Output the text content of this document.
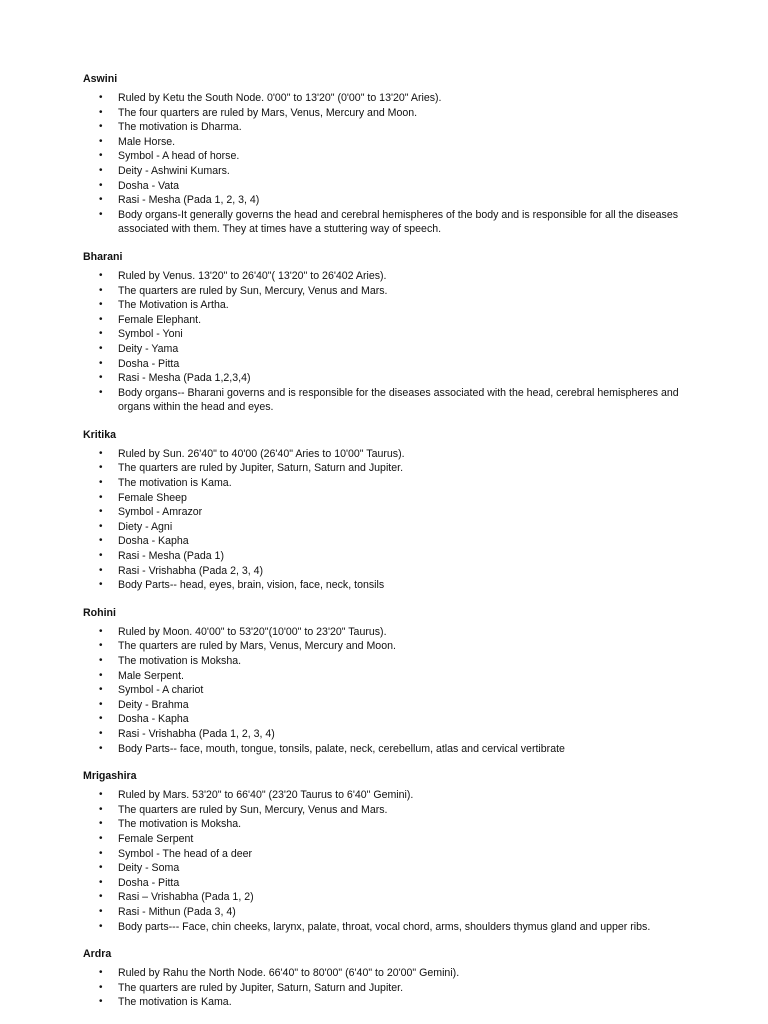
Aswini
• Ruled by Ketu the South Node. 0'00" to 13'20" (0'00" to 13'20" Aries).
• The four quarters are ruled by Mars, Venus, Mercury and Moon.
• The motivation is Dharma.
• Male Horse.
• Symbol - A head of horse.
• Deity - Ashwini Kumars.
• Dosha - Vata
• Rasi - Mesha (Pada 1, 2, 3, 4)
• Body organs-It generally governs the head and cerebral hemispheres of the body and is responsible for all the diseases associated with them. They at times have a stuttering way of speech.
Bharani
• Ruled by Venus. 13'20" to 26'40"( 13'20" to 26'402 Aries).
• The quarters are ruled by Sun, Mercury, Venus and Mars.
• The Motivation is Artha.
• Female Elephant.
• Symbol - Yoni
• Deity - Yama
• Dosha - Pitta
• Rasi - Mesha (Pada 1,2,3,4)
• Body organs-- Bharani governs and is responsible for the diseases associated with the head, cerebral hemispheres and organs within the head and eyes.
Kritika
• Ruled by Sun. 26'40" to 40'00 (26'40" Aries to 10'00" Taurus).
• The quarters are ruled by Jupiter, Saturn, Saturn and Jupiter.
• The motivation is Kama.
• Female Sheep
• Symbol - Amrazor
• Diety - Agni
• Dosha - Kapha
• Rasi - Mesha (Pada 1)
• Rasi - Vrishabha (Pada 2, 3, 4)
• Body Parts-- head, eyes, brain, vision, face, neck, tonsils
Rohini
• Ruled by Moon. 40'00" to 53'20"(10'00" to 23'20" Taurus).
• The quarters are ruled by Mars, Venus, Mercury and Moon.
• The motivation is Moksha.
• Male Serpent.
• Symbol - A chariot
• Deity - Brahma
• Dosha - Kapha
• Rasi - Vrishabha (Pada 1, 2, 3, 4)
• Body Parts-- face, mouth, tongue, tonsils, palate, neck, cerebellum, atlas and cervical vertibrate
Mrigashira
• Ruled by Mars. 53'20" to 66'40" (23'20 Taurus to 6'40" Gemini).
• The quarters are ruled by Sun, Mercury, Venus and Mars.
• The motivation is Moksha.
• Female Serpent
• Symbol - The head of a deer
• Deity - Soma
• Dosha - Pitta
• Rasi – Vrishabha (Pada 1, 2)
• Rasi - Mithun (Pada 3, 4)
• Body parts--- Face, chin cheeks, larynx, palate, throat, vocal chord, arms, shoulders thymus gland and upper ribs.
Ardra
• Ruled by Rahu the North Node. 66'40" to 80'00" (6'40" to 20'00" Gemini).
• The quarters are ruled by Jupiter, Saturn, Saturn and Jupiter.
• The motivation is Kama.
